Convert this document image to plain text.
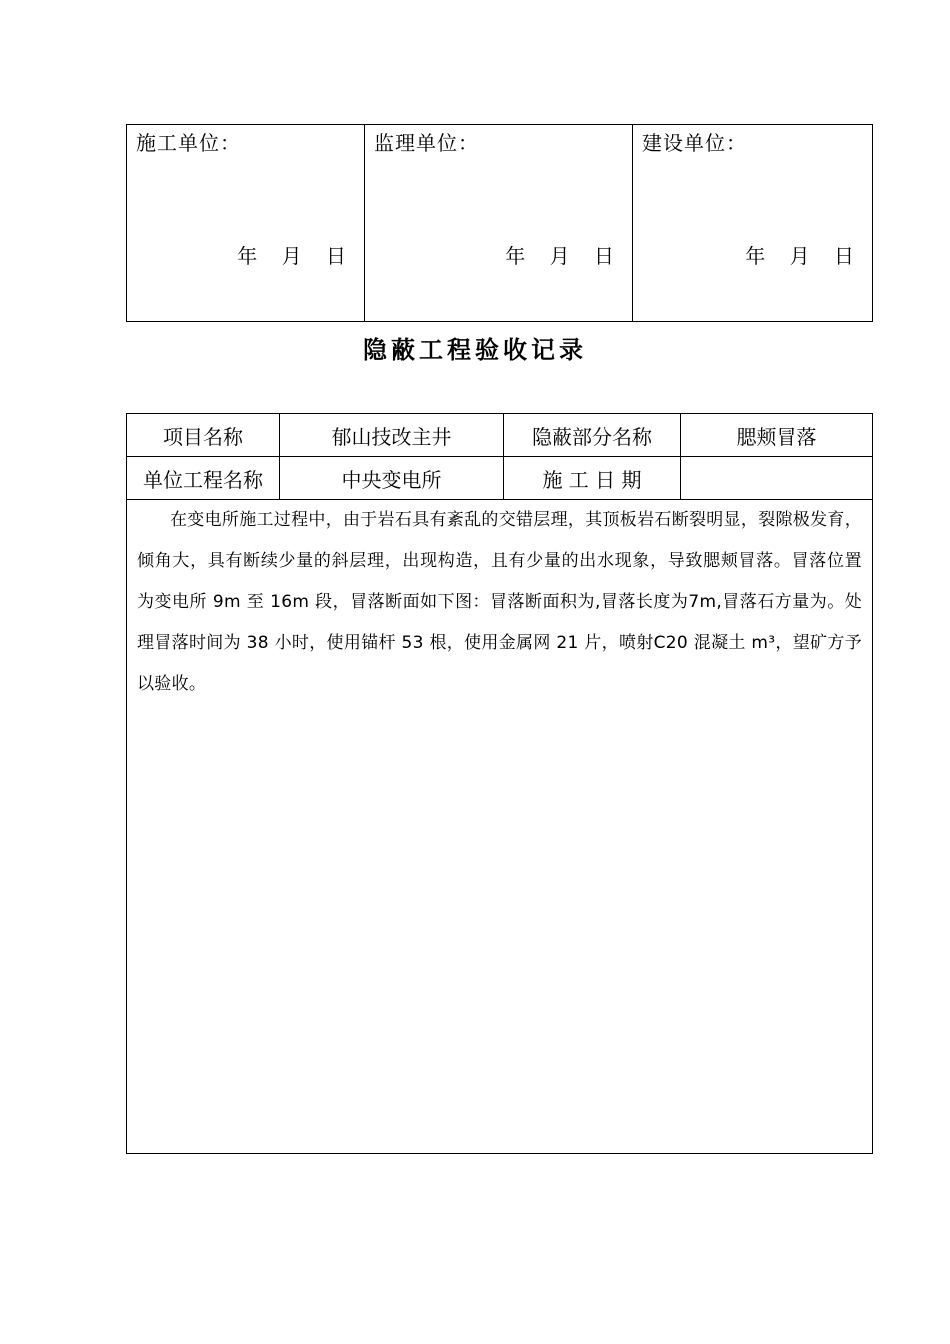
施工单位：
年 月 日

监理单位：
年 月 日

建设单位：
年 月 日
隐蔽工程验收记录
项目名称	郁山技改主井	隐蔽部分名称	腮颊冒落
单位工程名称	中央变电所	施 工 日 期	

在变电所施工过程中，由于岩石具有紊乱的交错层理，其顶板岩石断裂明显，裂隙极发育，倾角大，具有断续少量的斜层理，出现构造，且有少量的出水现象，导致腮颊冒落。冒落位置为变电所 9m 至 16m 段，冒落断面如下图：冒落断面积为,冒落长度为7m,冒落石方量为。处理冒落时间为 38 小时，使用锚杆 53 根，使用金属网 21 片，喷射C20 混凝土 m³，望矿方予以验收。			
